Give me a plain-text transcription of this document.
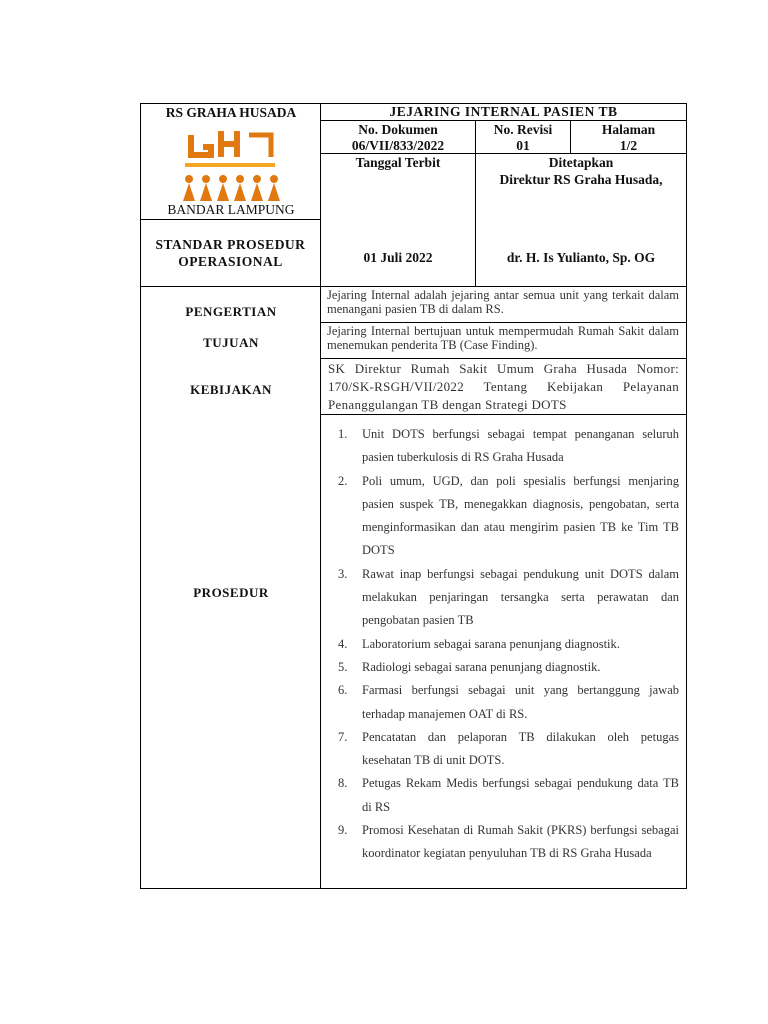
RS GRAHA HUSADA
BANDAR LAMPUNG
JEJARING INTERNAL PASIEN TB
No. Dokumen
06/VII/833/2022
No. Revisi
01
Halaman
1/2
STANDAR PROSEDUR
OPERASIONAL
Tanggal Terbit
01 Juli 2022
Ditetapkan
Direktur RS Graha Husada,
dr. H. Is Yulianto, Sp. OG
PENGERTIAN
TUJUAN
KEBIJAKAN
PROSEDUR
Jejaring Internal adalah jejaring antar semua unit yang terkait dalam menangani pasien TB di dalam RS.
Jejaring Internal bertujuan untuk mempermudah Rumah Sakit dalam menemukan penderita TB (Case Finding).
SK Direktur Rumah Sakit Umum Graha Husada Nomor: 170/SK-RSGH/VII/2022 Tentang Kebijakan Pelayanan Penanggulangan TB dengan Strategi DOTS
1. Unit DOTS berfungsi sebagai tempat penanganan seluruh pasien tuberkulosis di RS Graha Husada
2. Poli umum, UGD, dan poli spesialis berfungsi menjaring pasien suspek TB, menegakkan diagnosis, pengobatan, serta menginformasikan dan atau mengirim pasien TB ke Tim TB DOTS
3. Rawat inap berfungsi sebagai pendukung unit DOTS dalam melakukan penjaringan tersangka serta perawatan dan pengobatan pasien TB
4. Laboratorium sebagai sarana penunjang diagnostik.
5. Radiologi sebagai sarana penunjang diagnostik.
6. Farmasi berfungsi sebagai unit yang bertanggung jawab terhadap manajemen OAT di RS.
7. Pencatatan dan pelaporan TB dilakukan oleh petugas kesehatan TB di unit DOTS.
8. Petugas Rekam Medis berfungsi sebagai pendukung data TB di RS
9. Promosi Kesehatan di Rumah Sakit (PKRS) berfungsi sebagai koordinator kegiatan penyuluhan TB di RS Graha Husada
